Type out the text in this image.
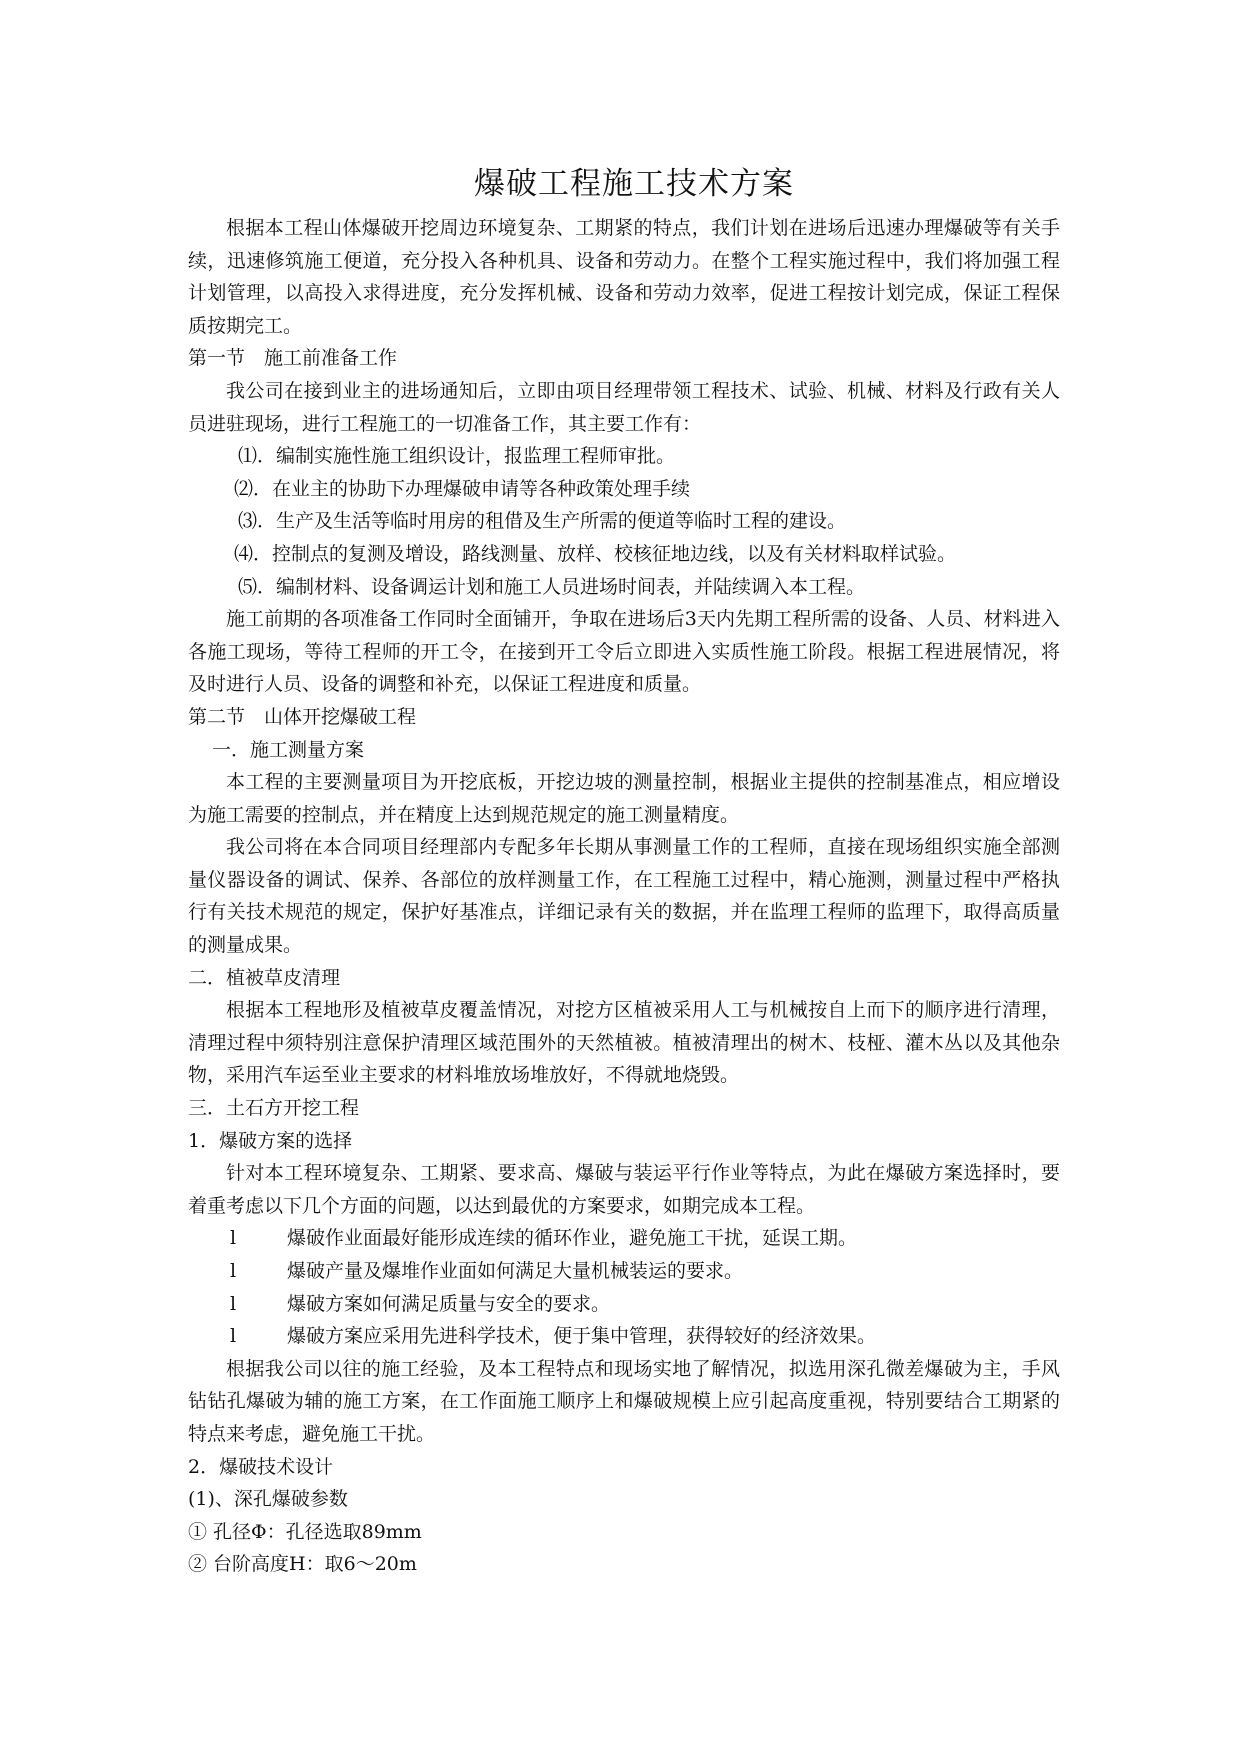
爆破工程施工技术方案

根据本工程山体爆破开挖周边环境复杂、工期紧的特点，我们计划在进场后迅速办理爆破等有关手续，迅速修筑施工便道，充分投入各种机具、设备和劳动力。在整个工程实施过程中，我们将加强工程计划管理，以高投入求得进度，充分发挥机械、设备和劳动力效率，促进工程按计划完成，保证工程保质按期完工。

第一节　施工前准备工作

我公司在接到业主的进场通知后，立即由项目经理带领工程技术、试验、机械、材料及行政有关人员进驻现场，进行工程施工的一切准备工作，其主要工作有：

⑴．编制实施性施工组织设计，报监理工程师审批。

⑵．在业主的协助下办理爆破申请等各种政策处理手续

⑶．生产及生活等临时用房的租借及生产所需的便道等临时工程的建设。

⑷．控制点的复测及增设，路线测量、放样、校核征地边线，以及有关材料取样试验。

⑸．编制材料、设备调运计划和施工人员进场时间表，并陆续调入本工程。

施工前期的各项准备工作同时全面铺开，争取在进场后3天内先期工程所需的设备、人员、材料进入各施工现场，等待工程师的开工令，在接到开工令后立即进入实质性施工阶段。根据工程进展情况，将及时进行人员、设备的调整和补充，以保证工程进度和质量。

第二节　山体开挖爆破工程

一．施工测量方案

本工程的主要测量项目为开挖底板，开挖边坡的测量控制，根据业主提供的控制基准点，相应增设为施工需要的控制点，并在精度上达到规范规定的施工测量精度。

我公司将在本合同项目经理部内专配多年长期从事测量工作的工程师，直接在现场组织实施全部测量仪器设备的调试、保养、各部位的放样测量工作，在工程施工过程中，精心施测，测量过程中严格执行有关技术规范的规定，保护好基准点，详细记录有关的数据，并在监理工程师的监理下，取得高质量的测量成果。

二．植被草皮清理

根据本工程地形及植被草皮覆盖情况，对挖方区植被采用人工与机械按自上而下的顺序进行清理，清理过程中须特别注意保护清理区域范围外的天然植被。植被清理出的树木、枝桠、灌木丛以及其他杂物，采用汽车运至业主要求的材料堆放场堆放好，不得就地烧毁。

三．土石方开挖工程

1．爆破方案的选择

针对本工程环境复杂、工期紧、要求高、爆破与装运平行作业等特点，为此在爆破方案选择时，要着重考虑以下几个方面的问题，以达到最优的方案要求，如期完成本工程。

l	爆破作业面最好能形成连续的循环作业，避免施工干扰，延误工期。
l	爆破产量及爆堆作业面如何满足大量机械装运的要求。
l	爆破方案如何满足质量与安全的要求。
l	爆破方案应采用先进科学技术，便于集中管理，获得较好的经济效果。

根据我公司以往的施工经验，及本工程特点和现场实地了解情况，拟选用深孔微差爆破为主，手风钻钻孔爆破为辅的施工方案，在工作面施工顺序上和爆破规模上应引起高度重视，特别要结合工期紧的特点来考虑，避免施工干扰。

2．爆破技术设计

(1)、深孔爆破参数

① 孔径Φ：孔径选取89mm

② 台阶高度H：取6～20m
